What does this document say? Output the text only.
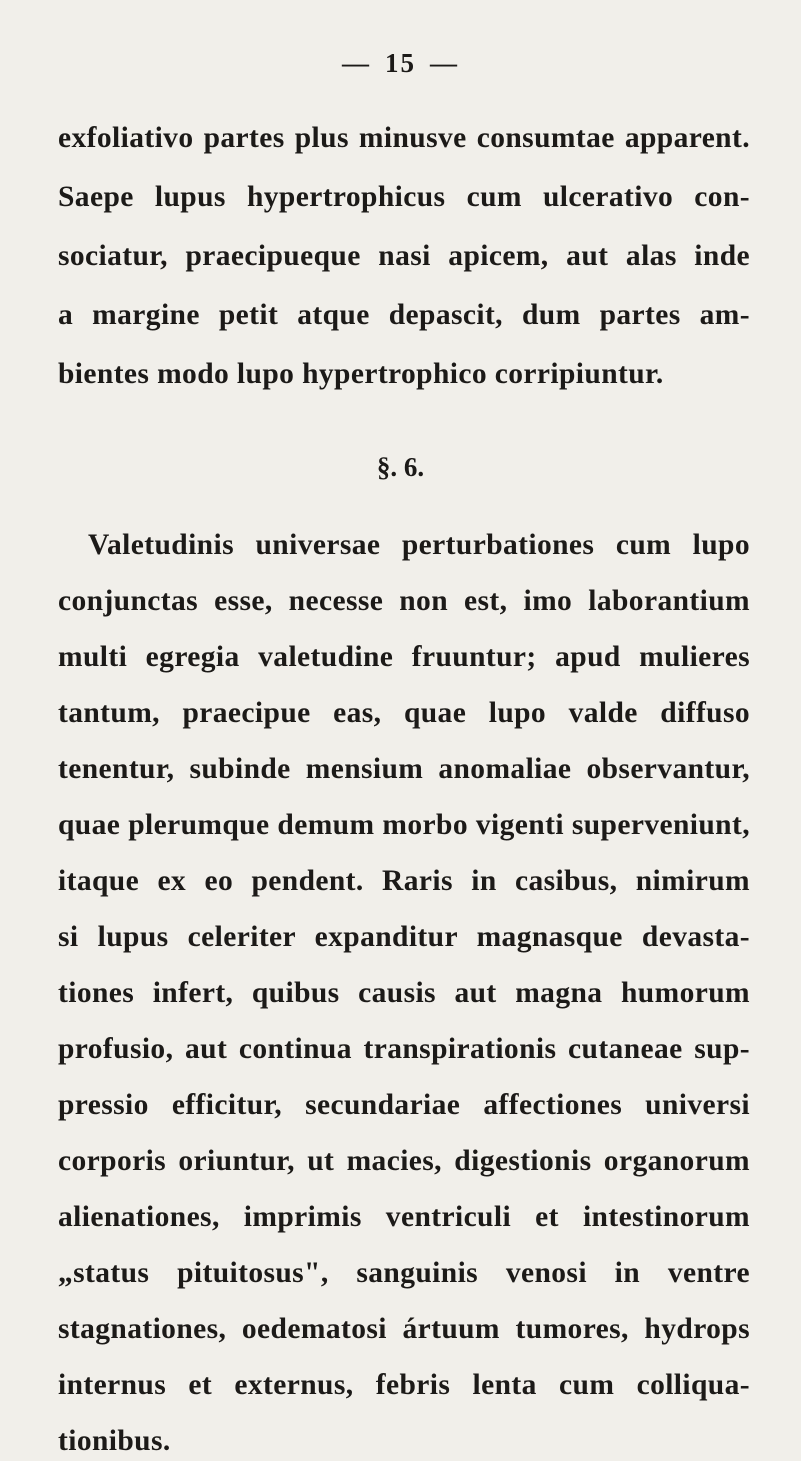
— 15 —
exfoliativo partes plus minusve consumtae apparent.
Saepe lupus hypertrophicus cum ulcerativo con-
sociatur, praecipueque nasi apicem, aut alas inde
a margine petit atque depascit, dum partes am-
bientes modo lupo hypertrophico corripiuntur.
§. 6.
Valetudinis universae perturbationes cum lupo
conjunctas esse, necesse non est, imo laborantium
multi egregia valetudine fruuntur; apud mulieres
tantum, praecipue eas, quae lupo valde diffuso
tenentur, subinde mensium anomaliae observantur,
quae plerumque demum morbo vigenti superveniunt,
itaque ex eo pendent. Raris in casibus, nimirum
si lupus celeriter expanditur magnasque devasta-
tiones infert, quibus causis aut magna humorum
profusio, aut continua transpirationis cutaneae sup-
pressio efficitur, secundariae affectiones universi
corporis oriuntur, ut macies, digestionis organorum
alienationes, imprimis ventriculi et intestinorum
„status pituitosus", sanguinis venosi in ventre
stagnationes, oedematosi ártuum tumores, hydrops
internus et externus, febris lenta cum colliqua-
tionibus.
